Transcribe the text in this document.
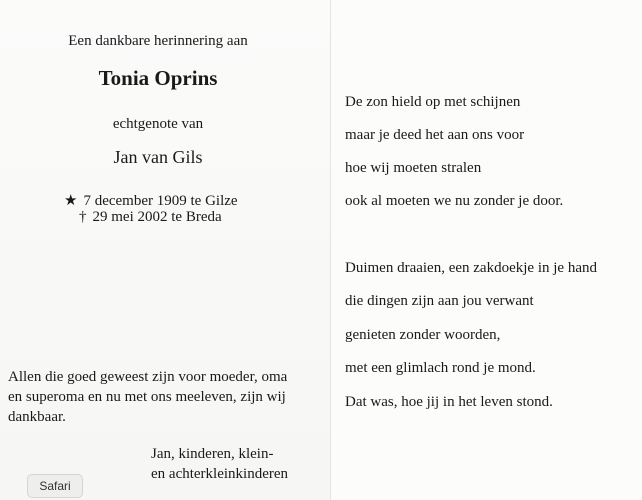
Een dankbare herinnering aan
Tonia Oprins
echtgenote van
Jan van Gils
★ 7 december 1909 te Gilze
† 29 mei 2002 te Breda
Allen die goed geweest zijn voor moeder, oma
en superoma en nu met ons meeleven, zijn wij
dankbaar.
Jan, kinderen, klein-
en achterkleinkinderen
De zon hield op met schijnen
maar je deed het aan ons voor
hoe wij moeten stralen
ook al moeten we nu zonder je door.
Duimen draaien, een zakdoekje in je hand
die dingen zijn aan jou verwant
genieten zonder woorden,
met een glimlach rond je mond.
Dat was, hoe jij in het leven stond.
Safari
